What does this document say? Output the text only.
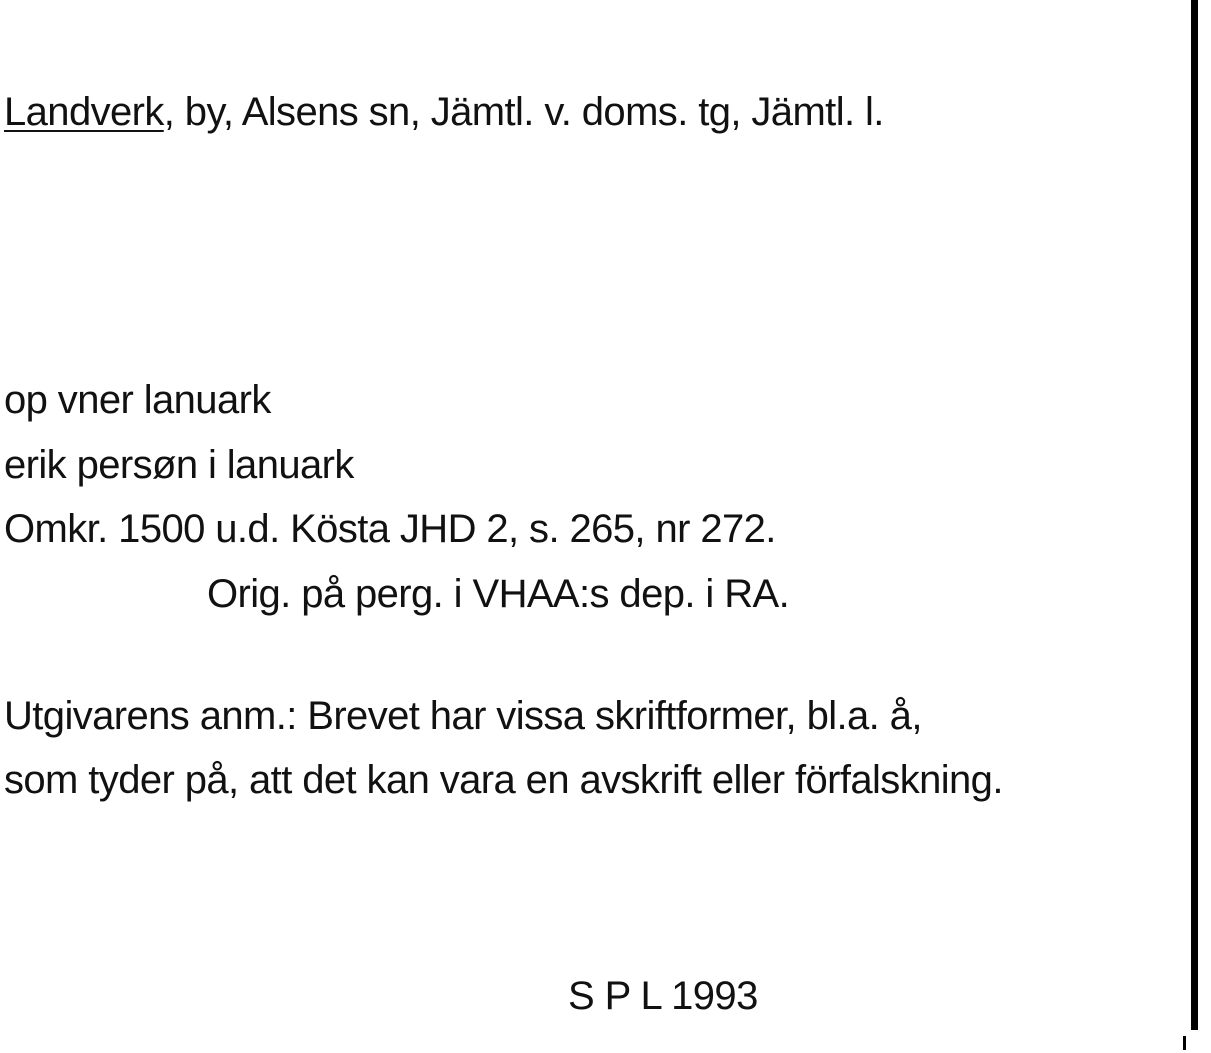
Landverk, by, Alsens sn, Jämtl. v. doms. tg, Jämtl. l.
op vner lanuark
erik persøn i lanuark
Omkr. 1500 u.d. Kösta JHD 2, s. 265, nr 272.
Orig. på perg. i VHAA:s dep. i RA.
Utgivarens anm.: Brevet har vissa skriftformer, bl.a. å,
som tyder på, att det kan vara en avskrift eller förfalskning.
S P L 1993
